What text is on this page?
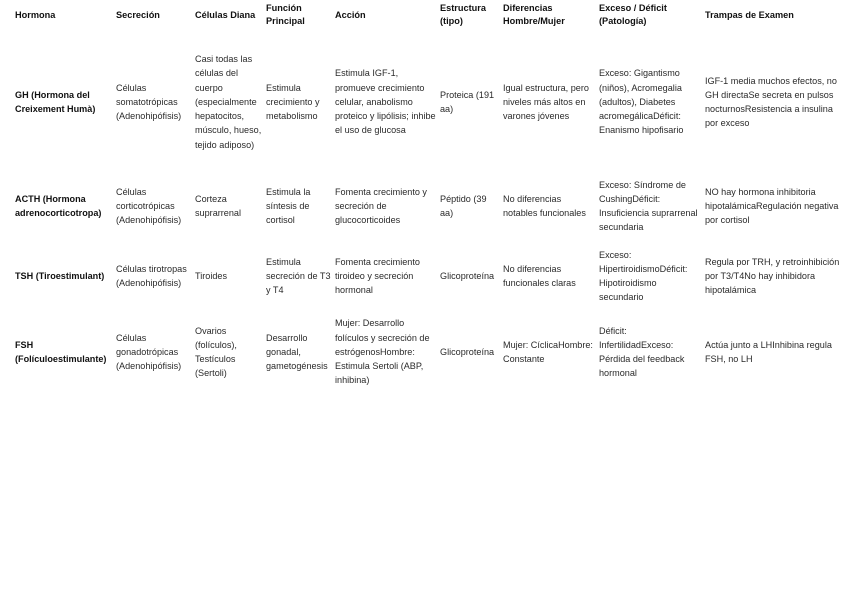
Hormona	Secreción	Células Diana	Función Principal	Acción	Estructura (tipo)	Diferencias Hombre/Mujer	Exceso / Déficit (Patología)	Trampas de Examen
GH (Hormona del Creixement Humà)	Células somatotrópicas (Adenohipófisis)	Casi todas las células del cuerpo (especialmente hepatocitos, músculo, hueso, tejido adiposo)	Estimula crecimiento y metabolismo	Estimula IGF-1, promueve crecimiento celular, anabolismo proteico y lipólisis; inhibe el uso de glucosa	Proteica (191 aa)	Igual estructura, pero niveles más altos en varones jóvenes	Exceso: Gigantismo (niños), Acromegalia (adultos), Diabetes acromegálicaDéficit: Enanismo hipofisario	IGF-1 media muchos efectos, no GH directaSe secreta en pulsos nocturnosResistencia a insulina por exceso
ACTH (Hormona adrenocorticotropa)	Células corticotrópicas (Adenohipófisis)	Corteza suprarrenal	Estimula la síntesis de cortisol	Fomenta crecimiento y secreción de glucocorticoides	Péptido (39 aa)	No diferencias notables funcionales	Exceso: Síndrome de CushingDéficit: Insuficiencia suprarrenal secundaria	NO hay hormona inhibitoria hipotalámicaRegulación negativa por cortisol
TSH (Tiroestimulant)	Células tirotropas (Adenohipófisis)	Tiroides	Estimula secreción de T3 y T4	Fomenta crecimiento tiroideo y secreción hormonal	Glicoproteína	No diferencias funcionales claras	Exceso: HipertiroidismoDéficit: Hipotiroidismo secundario	Regula por TRH, y retroinhibición por T3/T4No hay inhibidora hipotalámica
FSH (Folículoestimulante)	Células gonadotrópicas (Adenohipófisis)	Ovarios (folículos), Testículos (Sertoli)	Desarrollo gonadal, gametogénesis	Mujer: Desarrollo folículos y secreción de estrógenosHombre: Estimula Sertoli (ABP, inhibina)	Glicoproteína	Mujer: CíclicaHombre: Constante	Déficit: InfertilidadExceso: Pérdida del feedback hormonal	Actúa junto a LHInhibina regula FSH, no LH
